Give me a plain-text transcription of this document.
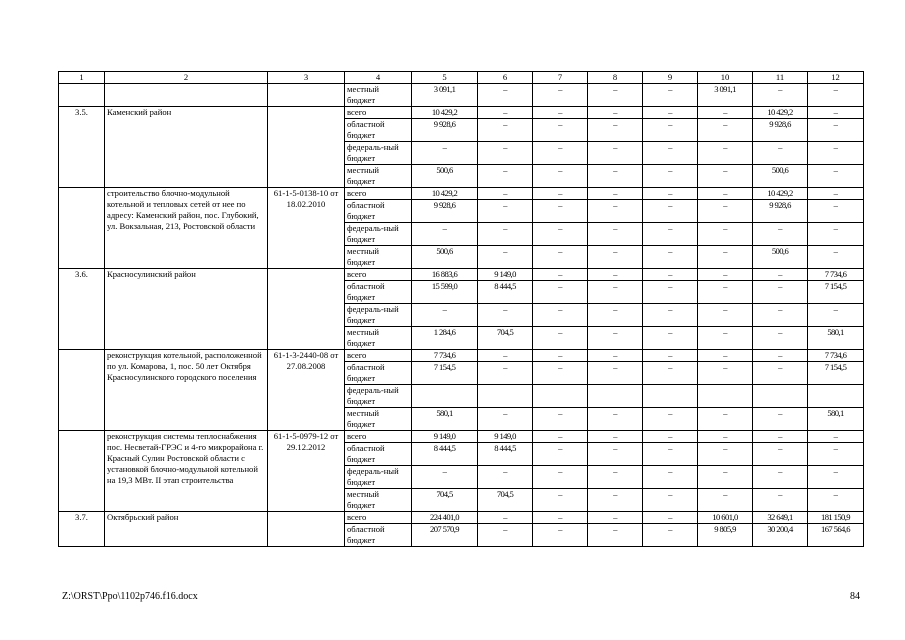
1	2	3	4	5	6	7	8	9	10	11	12
			местный бюджет	3 091,1	–	–	–	–	3 091,1	–	–
3.5.	Каменский район		всего	10 429,2	–	–	–	–	–	10 429,2	–
			областной бюджет	9 928,6	–	–	–	–	–	9 928,6	–
			федераль-ный бюджет	–	–	–	–	–	–	–	–
			местный бюджет	500,6	–	–	–	–	–	500,6	–
	строительство блочно-модульной котельной и тепловых сетей от нее по адресу: Каменский район, пос. Глубокий, ул. Вокзальная, 213, Ростовской области	61-1-5-0138-10 от 18.02.2010	всего	10 429,2	–	–	–	–	–	10 429,2	–
			областной бюджет	9 928,6	–	–	–	–	–	9 928,6	–
			федераль-ный бюджет	–	–	–	–	–	–	–	–
			местный бюджет	500,6	–	–	–	–	–	500,6	–
3.6.	Красносулинский район		всего	16 883,6	9 149,0	–	–	–	–	–	7 734,6
			областной бюджет	15 599,0	8 444,5	–	–	–	–	–	7 154,5
			федераль-ный бюджет	–	–	–	–	–	–	–	–
			местный бюджет	1 284,6	704,5	–	–	–	–	–	580,1
	реконструкция котельной, расположенной по ул. Комарова, 1, пос. 50 лет Октября Красносулинского городского поселения	61-1-3-2440-08 от 27.08.2008	всего	7 734,6	–	–	–	–	–	–	7 734,6
			областной бюджет	7 154,5	–	–	–	–	–	–	7 154,5
			федераль-ный бюджет								
			местный бюджет	580,1	–	–	–	–	–	–	580,1
	реконструкция системы теплоснабжения пос. Несветай-ГРЭС и 4-го микрорайона г. Красный Сулин Ростовской области с установкой блочно-модульной котельной на 19,3 МВт. II этап строительства	61-1-5-0979-12 от 29.12.2012	всего	9 149,0	9 149,0	–	–	–	–	–	–
			областной бюджет	8 444,5	8 444,5	–	–	–	–	–	–
			федераль-ный бюджет	–	–	–	–	–	–	–	–
			местный бюджет	704,5	704,5	–	–	–	–	–	–
3.7.	Октябрьский район		всего	224 401,0	–	–	–	–	10 601,0	32 649,1	181 150,9
			областной бюджет	207 570,9	–	–	–	–	9 805,9	30 200,4	167 564,6
Z:\ORST\Ppo\1102p746.f16.docx	84
